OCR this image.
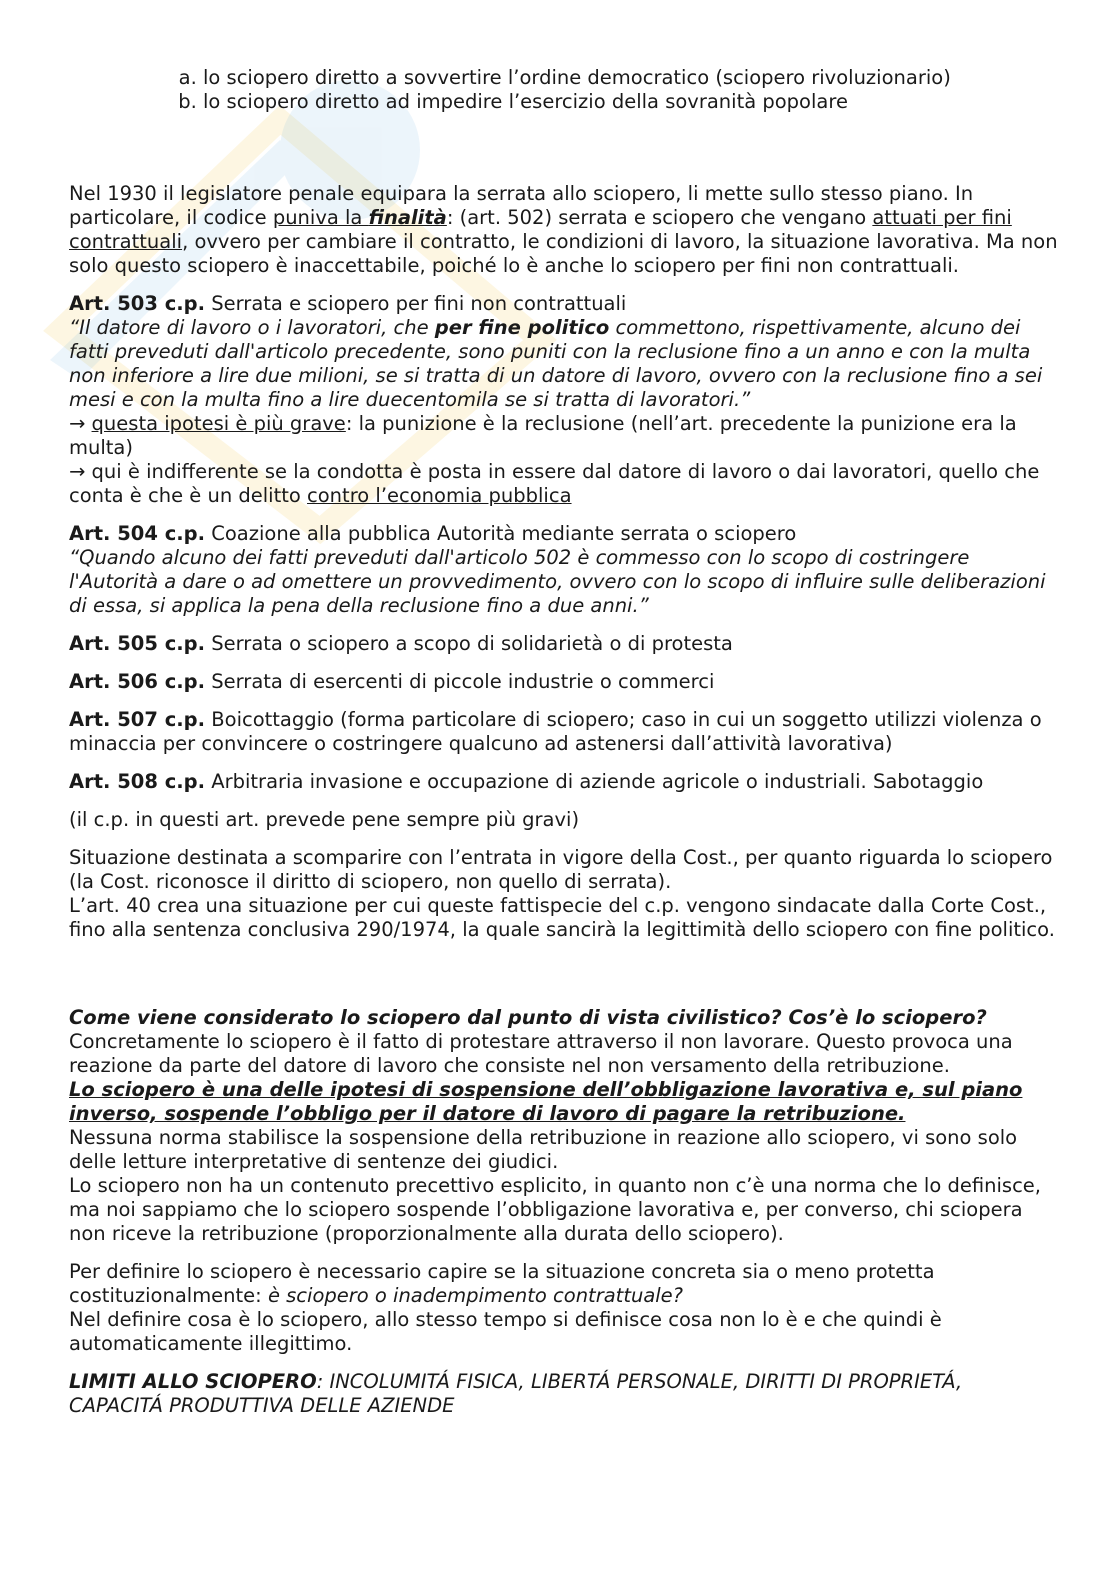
a. lo sciopero diretto a sovvertire l’ordine democratico (sciopero rivoluzionario)
b. lo sciopero diretto ad impedire l’esercizio della sovranità popolare

Nel 1930 il legislatore penale equipara la serrata allo sciopero, li mette sullo stesso piano. In particolare, il codice puniva la finalità: (art. 502) serrata e sciopero che vengano attuati per fini contrattuali, ovvero per cambiare il contratto, le condizioni di lavoro, la situazione lavorativa. Ma non solo questo sciopero è inaccettabile, poiché lo è anche lo sciopero per fini non contrattuali.

Art. 503 c.p. Serrata e sciopero per fini non contrattuali
“Il datore di lavoro o i lavoratori, che per fine politico commettono, rispettivamente, alcuno dei fatti preveduti dall'articolo precedente, sono puniti con la reclusione fino a un anno e con la multa non inferiore a lire due milioni, se si tratta di un datore di lavoro, ovvero con la reclusione fino a sei mesi e con la multa fino a lire duecentomila se si tratta di lavoratori.”
→ questa ipotesi è più grave: la punizione è la reclusione (nell’art. precedente la punizione era la multa)
→ qui è indifferente se la condotta è posta in essere dal datore di lavoro o dai lavoratori, quello che conta è che è un delitto contro l’economia pubblica

Art. 504 c.p. Coazione alla pubblica Autorità mediante serrata o sciopero
“Quando alcuno dei fatti preveduti dall'articolo 502 è commesso con lo scopo di costringere l'Autorità a dare o ad omettere un provvedimento, ovvero con lo scopo di influire sulle deliberazioni di essa, si applica la pena della reclusione fino a due anni.”

Art. 505 c.p. Serrata o sciopero a scopo di solidarietà o di protesta

Art. 506 c.p. Serrata di esercenti di piccole industrie o commerci

Art. 507 c.p. Boicottaggio (forma particolare di sciopero; caso in cui un soggetto utilizzi violenza o minaccia per convincere o costringere qualcuno ad astenersi dall’attività lavorativa)

Art. 508 c.p. Arbitraria invasione e occupazione di aziende agricole o industriali. Sabotaggio

(il c.p. in questi art. prevede pene sempre più gravi)

Situazione destinata a scomparire con l’entrata in vigore della Cost., per quanto riguarda lo sciopero (la Cost. riconosce il diritto di sciopero, non quello di serrata).
L’art. 40 crea una situazione per cui queste fattispecie del c.p. vengono sindacate dalla Corte Cost., fino alla sentenza conclusiva 290/1974, la quale sancirà la legittimità dello sciopero con fine politico.

Come viene considerato lo sciopero dal punto di vista civilistico? Cos’è lo sciopero?
Concretamente lo sciopero è il fatto di protestare attraverso il non lavorare. Questo provoca una reazione da parte del datore di lavoro che consiste nel non versamento della retribuzione.
Lo sciopero è una delle ipotesi di sospensione dell’obbligazione lavorativa e, sul piano inverso, sospende l’obbligo per il datore di lavoro di pagare la retribuzione.
Nessuna norma stabilisce la sospensione della retribuzione in reazione allo sciopero, vi sono solo delle letture interpretative di sentenze dei giudici.
Lo sciopero non ha un contenuto precettivo esplicito, in quanto non c’è una norma che lo definisce, ma noi sappiamo che lo sciopero sospende l’obbligazione lavorativa e, per converso, chi sciopera non riceve la retribuzione (proporzionalmente alla durata dello sciopero).

Per definire lo sciopero è necessario capire se la situazione concreta sia o meno protetta costituzionalmente: è sciopero o inadempimento contrattuale?
Nel definire cosa è lo sciopero, allo stesso tempo si definisce cosa non lo è e che quindi è automaticamente illegittimo.

LIMITI ALLO SCIOPERO: INCOLUMITÁ FISICA, LIBERTÁ PERSONALE, DIRITTI DI PROPRIETÁ, CAPACITÁ PRODUTTIVA DELLE AZIENDE
